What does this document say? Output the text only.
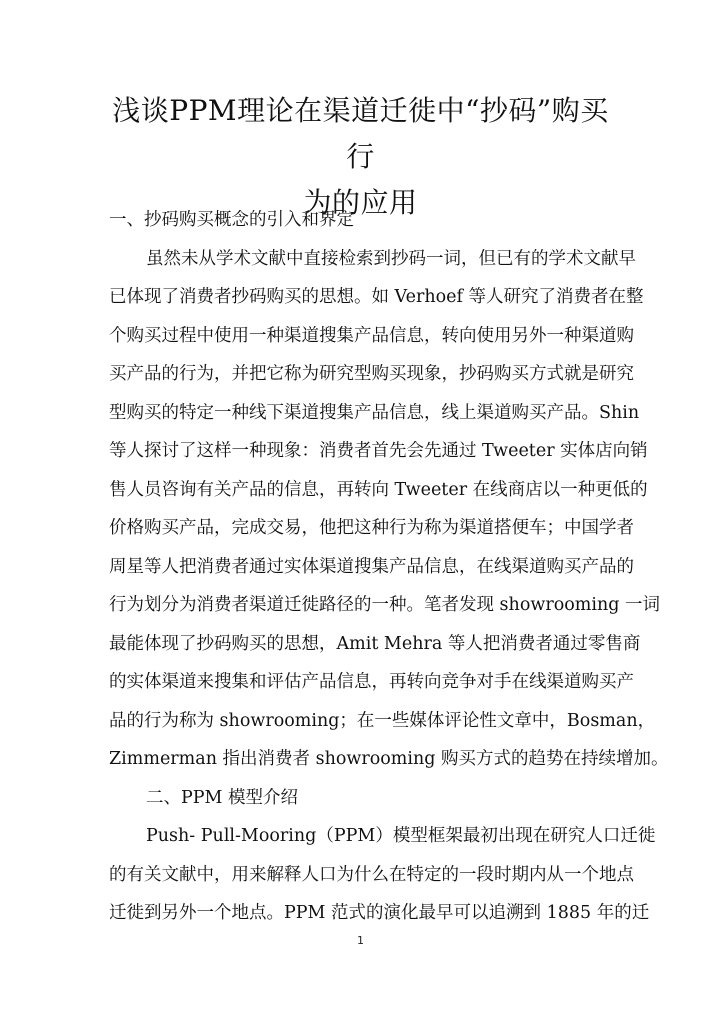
浅谈PPM理论在渠道迁徙中“抄码”购买行
为的应用
一、抄码购买概念的引入和界定
虽然未从学术文献中直接检索到抄码一词，但已有的学术文献早
已体现了消费者抄码购买的思想。如 Verhoef 等人研究了消费者在整
个购买过程中使用一种渠道搜集产品信息，转向使用另外一种渠道购
买产品的行为，并把它称为研究型购买现象，抄码购买方式就是研究
型购买的特定一种线下渠道搜集产品信息，线上渠道购买产品。Shin
等人探讨了这样一种现象：消费者首先会先通过 Tweeter 实体店向销
售人员咨询有关产品的信息，再转向 Tweeter 在线商店以一种更低的
价格购买产品，完成交易，他把这种行为称为渠道搭便车；中国学者
周星等人把消费者通过实体渠道搜集产品信息，在线渠道购买产品的
行为划分为消费者渠道迁徙路径的一种。笔者发现 showrooming 一词
最能体现了抄码购买的思想，Amit Mehra 等人把消费者通过零售商
的实体渠道来搜集和评估产品信息，再转向竞争对手在线渠道购买产
品的行为称为 showrooming；在一些媒体评论性文章中，Bosman，
Zimmerman 指出消费者 showrooming 购买方式的趋势在持续增加。
二、PPM 模型介绍
Push- Pull-Mooring（PPM）模型框架最初出现在研究人口迁徙
的有关文献中，用来解释人口为什么在特定的一段时期内从一个地点
迁徙到另外一个地点。PPM 范式的演化最早可以追溯到 1885 年的迁
1
